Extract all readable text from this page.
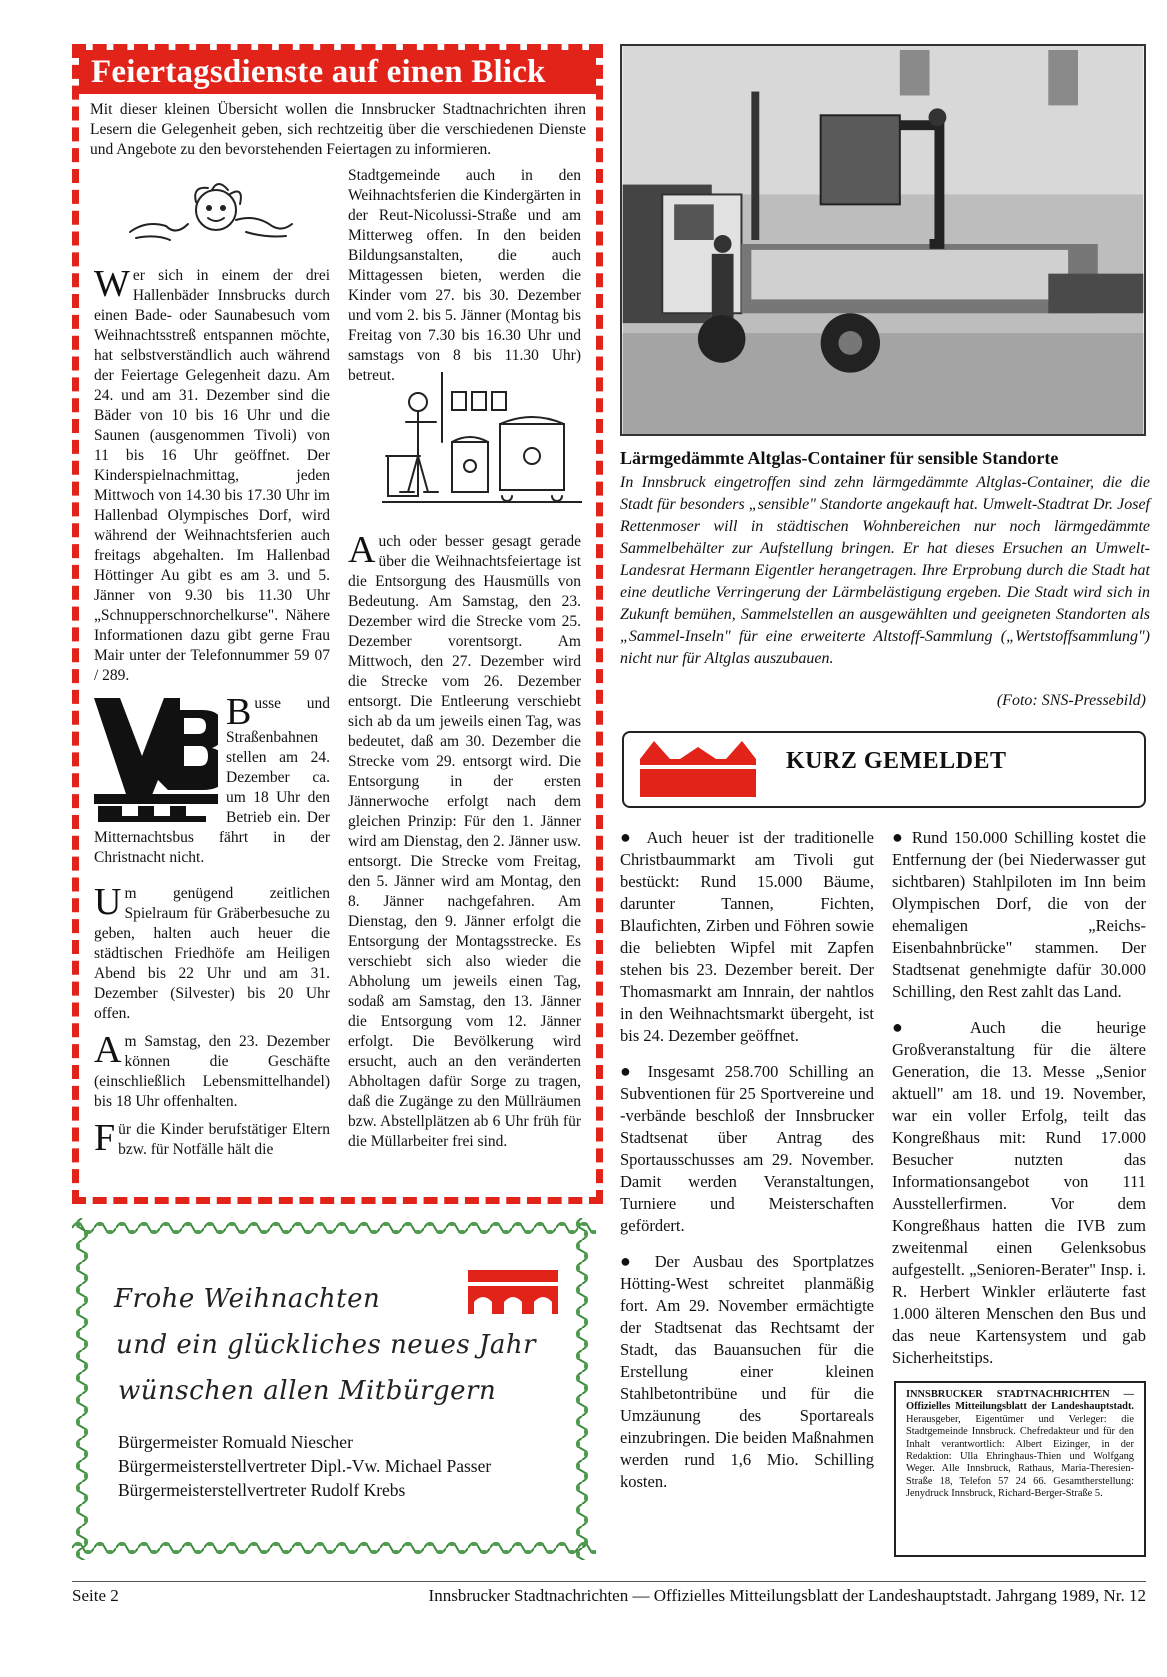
Feiertagsdienste auf einen Blick
Mit dieser kleinen Übersicht wollen die Innsbrucker Stadtnachrichten ihren Lesern die Gelegenheit geben, sich rechtzeitig über die verschiedenen Dienste und Angebote zu den bevorstehenden Feiertagen zu informieren.

Wer sich in einem der drei Hallenbäder Innsbrucks durch einen Bade- oder Saunabesuch vom Weihnachtsstreß entspannen möchte, hat selbstverständlich auch während der Feiertage Gelegenheit dazu. Am 24. und am 31. Dezember sind die Bäder von 10 bis 16 Uhr und die Saunen (ausgenommen Tivoli) von 11 bis 16 Uhr geöffnet. Der Kinderspielnachmittag, jeden Mittwoch von 14.30 bis 17.30 Uhr im Hallenbad Olympisches Dorf, wird während der Weihnachtsferien auch freitags abgehalten. Im Hallenbad Höttinger Au gibt es am 3. und 5. Jänner von 9.30 bis 11.30 Uhr „Schnupperschnorchelkurse". Nähere Informationen dazu gibt gerne Frau Mair unter der Telefonnummer 59 07 / 289.

Busse und Straßenbahnen stellen am 24. Dezember ca. um 18 Uhr den Betrieb ein. Der Mitternachtsbus fährt in der Christnacht nicht.

Um genügend zeitlichen Spielraum für Gräberbesuche zu geben, halten auch heuer die städtischen Friedhöfe am Heiligen Abend bis 22 Uhr und am 31. Dezember (Silvester) bis 20 Uhr offen.

Am Samstag, den 23. Dezember können die Geschäfte (einschließlich Lebensmittelhandel) bis 18 Uhr offenhalten.

Für die Kinder berufstätiger Eltern bzw. für Notfälle hält die

Stadtgemeinde auch in den Weihnachtsferien die Kindergärten in der Reut-Nicolussi-Straße und am Mitterweg offen. In den beiden Bildungsanstalten, die auch Mittagessen bieten, werden die Kinder vom 27. bis 30. Dezember und vom 2. bis 5. Jänner (Montag bis Freitag von 7.30 bis 16.30 Uhr und samstags von 8 bis 11.30 Uhr) betreut.

Auch oder besser gesagt gerade über die Weihnachtsfeiertage ist die Entsorgung des Hausmülls von Bedeutung. Am Samstag, den 23. Dezember wird die Strecke vom 25. Dezember vorentsorgt. Am Mittwoch, den 27. Dezember wird die Strecke vom 26. Dezember entsorgt. Die Entleerung verschiebt sich ab da um jeweils einen Tag, was bedeutet, daß am 30. Dezember die Strecke vom 29. entsorgt wird. Die Entsorgung in der ersten Jännerwoche erfolgt nach dem gleichen Prinzip: Für den 1. Jänner wird am Dienstag, den 2. Jänner usw. entsorgt. Die Strecke vom Freitag, den 5. Jänner wird am Montag, den 8. Jänner nachgefahren. Am Dienstag, den 9. Jänner erfolgt die Entsorgung der Montagsstrecke. Es verschiebt sich also wieder die Abholung um jeweils einen Tag, sodaß am Samstag, den 13. Jänner die Entsorgung vom 12. Jänner erfolgt. Die Bevölkerung wird ersucht, auch an den veränderten Abholtagen dafür Sorge zu tragen, daß die Zugänge zu den Müllräumen bzw. Abstellplätzen ab 6 Uhr früh für die Müllarbeiter frei sind.

Frohe Weihnachten
und ein glückliches neues Jahr
wünschen allen Mitbürgern
Bürgermeister Romuald Niescher
Bürgermeisterstellvertreter Dipl.-Vw. Michael Passer
Bürgermeisterstellvertreter Rudolf Krebs
Lärmgedämmte Altglas-Container für sensible Standorte
In Innsbruck eingetroffen sind zehn lärmgedämmte Altglas-Container, die die Stadt für besonders „sensible" Standorte angekauft hat. Umwelt-Stadtrat Dr. Josef Rettenmoser will in städtischen Wohnbereichen nur noch lärmgedämmte Sammelbehälter zur Aufstellung bringen. Er hat dieses Ersuchen an Umwelt-Landesrat Hermann Eigentler herangetragen. Ihre Erprobung durch die Stadt hat eine deutliche Verringerung der Lärmbelästigung ergeben. Die Stadt wird sich in Zukunft bemühen, Sammelstellen an ausgewählten und geeigneten Standorten als „Sammel-Inseln" für eine erweiterte Altstoff-Sammlung („Wertstoffsammlung") nicht nur für Altglas auszubauen.
(Foto: SNS-Pressebild)
KURZ GEMELDET

● Auch heuer ist der traditionelle Christbaummarkt am Tivoli gut bestückt: Rund 15.000 Bäume, darunter Tannen, Fichten, Blaufichten, Zirben und Föhren sowie die beliebten Wipfel mit Zapfen stehen bis 23. Dezember bereit. Der Thomasmarkt am Innrain, der nahtlos in den Weihnachtsmarkt übergeht, ist bis 24. Dezember geöffnet.

● Insgesamt 258.700 Schilling an Subventionen für 25 Sportvereine und -verbände beschloß der Innsbrucker Stadtsenat über Antrag des Sportausschusses am 29. November. Damit werden Veranstaltungen, Turniere und Meisterschaften gefördert.

● Der Ausbau des Sportplatzes Hötting-West schreitet planmäßig fort. Am 29. November ermächtigte der Stadtsenat das Rechtsamt der Stadt, das Bauansuchen für die Erstellung einer kleinen Stahlbetontribüne und für die Umzäunung des Sportareals einzubringen. Die beiden Maßnahmen werden rund 1,6 Mio. Schilling kosten.

● Rund 150.000 Schilling kostet die Entfernung der (bei Niederwasser gut sichtbaren) Stahlpiloten im Inn beim Olympischen Dorf, die von der ehemaligen „Reichs-Eisenbahnbrücke" stammen. Der Stadtsenat genehmigte dafür 30.000 Schilling, den Rest zahlt das Land.

● Auch die heurige Großveranstaltung für die ältere Generation, die 13. Messe „Senior aktuell" am 18. und 19. November, war ein voller Erfolg, teilt das Kongreßhaus mit: Rund 17.000 Besucher nutzten das Informationsangebot von 111 Ausstellerfirmen. Vor dem Kongreßhaus hatten die IVB zum zweitenmal einen Gelenksobus aufgestellt. „Senioren-Berater" Insp. i. R. Herbert Winkler erläuterte fast 1.000 älteren Menschen den Bus und das neue Kartensystem und gab Sicherheitstips.

INNSBRUCKER STADTNACHRICHTEN — Offizielles Mitteilungsblatt der Landeshauptstadt. Herausgeber, Eigentümer und Verleger: die Stadtgemeinde Innsbruck. Chefredakteur und für den Inhalt verantwortlich: Albert Eizinger, in der Redaktion: Ulla Ehringhaus-Thien und Wolfgang Weger. Alle Innsbruck, Rathaus, Maria-Theresien-Straße 18, Telefon 57 24 66. Gesamtherstellung: Jenydruck Innsbruck, Richard-Berger-Straße 5.
Seite 2	Innsbrucker Stadtnachrichten — Offizielles Mitteilungsblatt der Landeshauptstadt. Jahrgang 1989, Nr. 12
